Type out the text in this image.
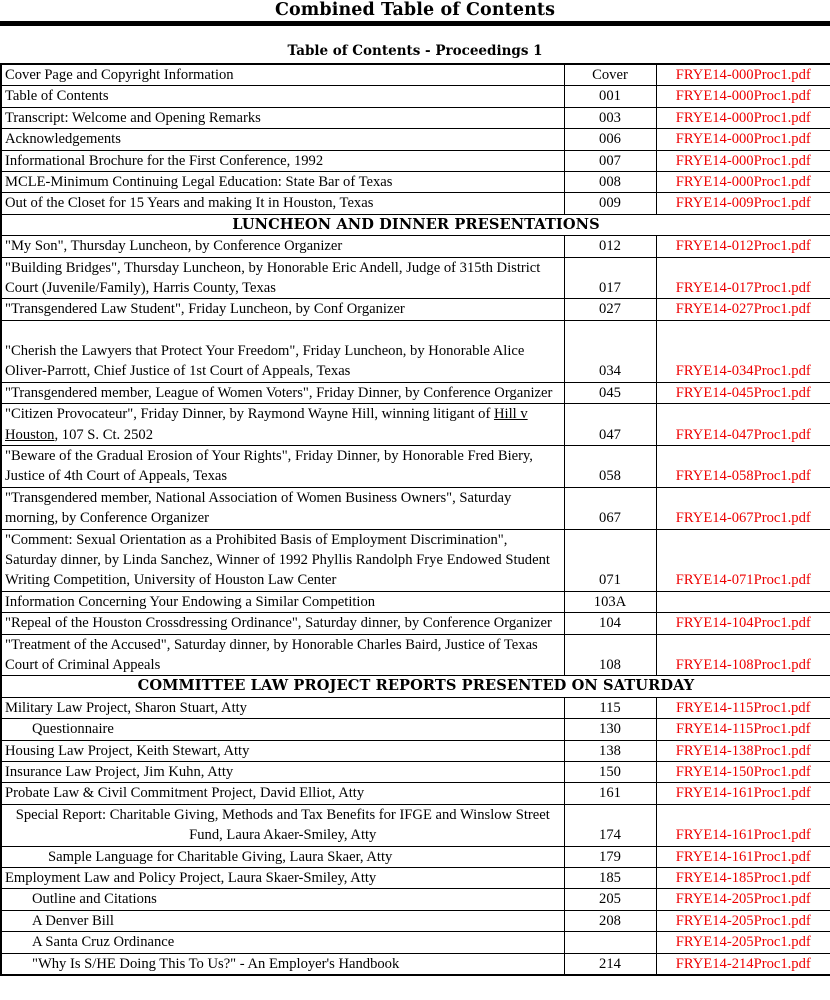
Combined Table of Contents
Table of Contents - Proceedings 1
Cover Page and Copyright Information	Cover	FRYE14-000Proc1.pdf
Table of Contents	001	FRYE14-000Proc1.pdf
Transcript: Welcome and Opening Remarks	003	FRYE14-000Proc1.pdf
Acknowledgements	006	FRYE14-000Proc1.pdf
Informational Brochure for the First Conference, 1992	007	FRYE14-000Proc1.pdf
MCLE-Minimum Continuing Legal Education: State Bar of Texas	008	FRYE14-000Proc1.pdf
Out of the Closet for 15 Years and making It in Houston, Texas	009	FRYE14-009Proc1.pdf
LUNCHEON AND DINNER PRESENTATIONS		
"My Son", Thursday Luncheon, by Conference Organizer	012	FRYE14-012Proc1.pdf
"Building Bridges", Thursday Luncheon, by Honorable Eric Andell, Judge of 315th District Court (Juvenile/Family), Harris County, Texas	017	FRYE14-017Proc1.pdf
"Transgendered Law Student", Friday Luncheon, by Conf Organizer	027	FRYE14-027Proc1.pdf
"Cherish the Lawyers that Protect Your Freedom", Friday Luncheon, by Honorable Alice Oliver-Parrott, Chief Justice of 1st Court of Appeals, Texas	034	FRYE14-034Proc1.pdf
"Transgendered member, League of Women Voters", Friday Dinner, by Conference Organizer	045	FRYE14-045Proc1.pdf
"Citizen Provocateur", Friday Dinner, by Raymond Wayne Hill, winning litigant of Hill v Houston, 107 S. Ct. 2502	047	FRYE14-047Proc1.pdf
"Beware of the Gradual Erosion of Your Rights", Friday Dinner, by Honorable Fred Biery, Justice of 4th Court of Appeals, Texas	058	FRYE14-058Proc1.pdf
"Transgendered member, National Association of Women Business Owners", Saturday morning, by Conference Organizer	067	FRYE14-067Proc1.pdf
"Comment: Sexual Orientation as a Prohibited Basis of Employment Discrimination", Saturday dinner, by Linda Sanchez, Winner of 1992 Phyllis Randolph Frye Endowed Student Writing Competition, University of Houston Law Center	071	FRYE14-071Proc1.pdf
Information Concerning Your Endowing a Similar Competition	103A	
"Repeal of the Houston Crossdressing Ordinance", Saturday dinner, by Conference Organizer	104	FRYE14-104Proc1.pdf
"Treatment of the Accused", Saturday dinner, by Honorable Charles Baird, Justice of Texas Court of Criminal Appeals	108	FRYE14-108Proc1.pdf
COMMITTEE LAW PROJECT REPORTS PRESENTED ON SATURDAY		
Military Law Project, Sharon Stuart, Atty	115	FRYE14-115Proc1.pdf
Questionnaire	130	FRYE14-115Proc1.pdf
Housing Law Project, Keith Stewart, Atty	138	FRYE14-138Proc1.pdf
Insurance Law Project, Jim Kuhn, Atty	150	FRYE14-150Proc1.pdf
Probate Law & Civil Commitment Project, David Elliot, Atty	161	FRYE14-161Proc1.pdf
Special Report: Charitable Giving, Methods and Tax Benefits for IFGE and Winslow Street Fund, Laura Akaer-Smiley, Atty	174	FRYE14-161Proc1.pdf
Sample Language for Charitable Giving, Laura Skaer, Atty	179	FRYE14-161Proc1.pdf
Employment Law and Policy Project, Laura Skaer-Smiley, Atty	185	FRYE14-185Proc1.pdf
Outline and Citations	205	FRYE14-205Proc1.pdf
A Denver Bill	208	FRYE14-205Proc1.pdf
A Santa Cruz Ordinance		FRYE14-205Proc1.pdf
"Why Is S/HE Doing This To Us?" - An Employer's Handbook	214	FRYE14-214Proc1.pdf
